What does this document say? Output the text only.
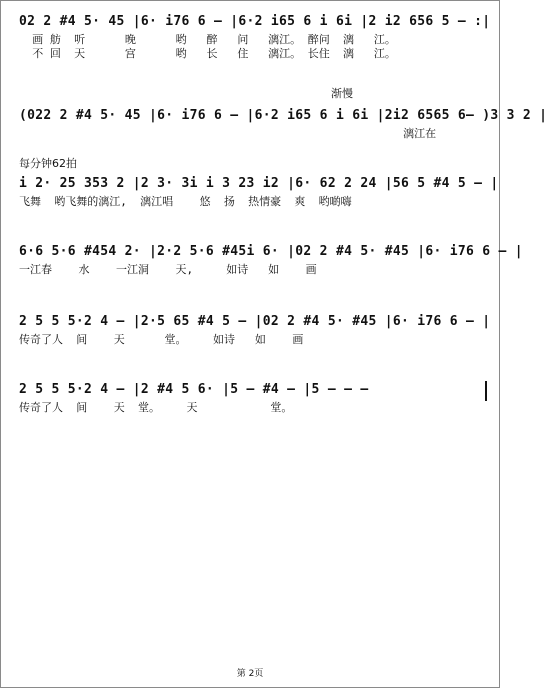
02 2 #4 5· 45 |6· i76 6 – |6·2 i65 6 i 6i |2 i2 656 5 – :|
画 舫  听      晚      哟   醉   问   漓江。 醉问  漓   江。
不 回  天      宫      哟   长   住   漓江。 长住  漓   江。
渐慢
(022 2 #4 5· 45 |6· i76 6 – |6·2 i65 6 i 6i |2i2 6565 6– )3 3 2 |
漓江在
每分钟62拍
i 2· 25 353 2 |2 3· 3i i 3 23 i2 |6· 62 2 24 |56 5 #4 5 – |
飞舞  哟飞舞的漓江,  漓江唱    悠  扬  热情豪  爽  哟啲嗨
6·6 5·6 #454 2· |2·2 5·6 #45i 6· |02 2 #4 5· #45 |6· i76 6 – |
一江春    水    一江洞    天,     如诗   如    画
2 5 5 5·2 4 – |2·5 65 #4 5 – |02 2 #4 5· #45 |6· i76 6 – |
传奇了人  间    天      堂。    如诗   如    画
2 5 5 5·2 4 – |2 #4 5 6· |5 – #4 – |5 – – –
传奇了人  间    天  堂。    天           堂。
第 2页
